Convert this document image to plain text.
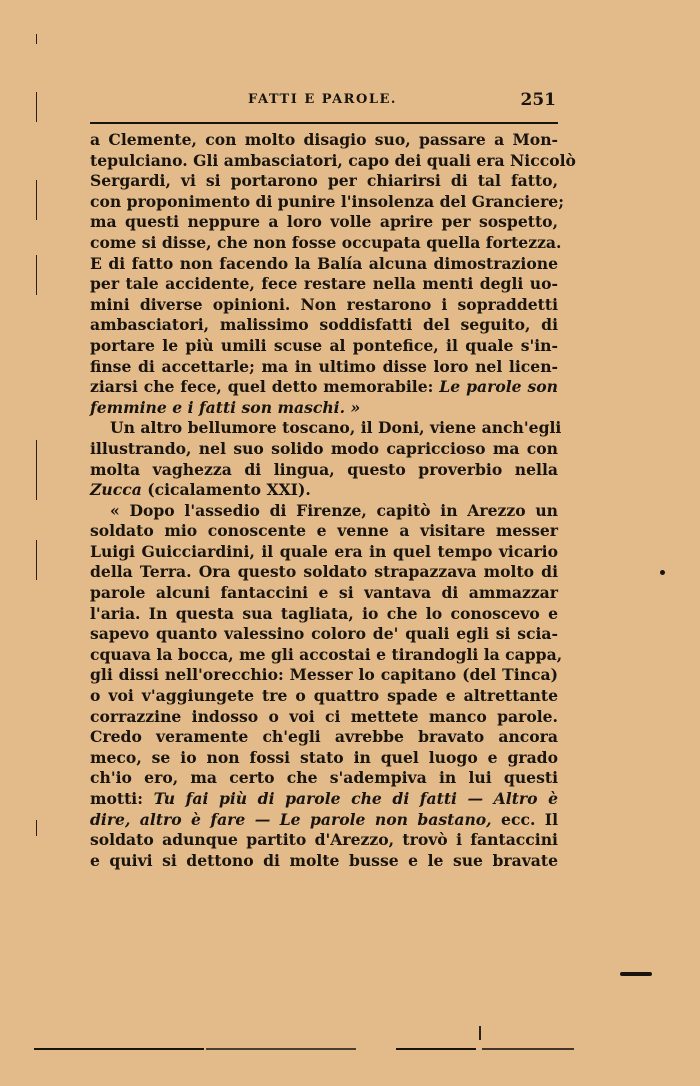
FATTI E PAROLE.	251
a Clemente, con molto disagio suo, passare a Mon-
tepulciano. Gli ambasciatori, capo dei quali era Niccolò
Sergardi, vi si portarono per chiarirsi di tal fatto,
con proponimento di punire l'insolenza del Granciere;
ma questi neppure a loro volle aprire per sospetto,
come si disse, che non fosse occupata quella fortezza.
E di fatto non facendo la Balía alcuna dimostrazione
per tale accidente, fece restare nella menti degli uo-
mini diverse opinioni. Non restarono i sopraddetti
ambasciatori, malissimo soddisfatti del seguito, di
portare le più umili scuse al pontefice, il quale s'in-
finse di accettarle; ma in ultimo disse loro nel licen-
ziarsi che fece, quel detto memorabile: Le parole son
femmine e i fatti son maschi. »
Un altro bellumore toscano, il Doni, viene anch'egli
illustrando, nel suo solido modo capriccioso ma con
molta vaghezza di lingua, questo proverbio nella
Zucca (cicalamento XXI).
« Dopo l'assedio di Firenze, capitò in Arezzo un
soldato mio conoscente e venne a visitare messer
Luigi Guicciardini, il quale era in quel tempo vicario
della Terra. Ora questo soldato strapazzava molto di
parole alcuni fantaccini e si vantava di ammazzar
l'aria. In questa sua tagliata, io che lo conoscevo e
sapevo quanto valessino coloro de' quali egli si scia-
cquava la bocca, me gli accostai e tirandogli la cappa,
gli dissi nell'orecchio: Messer lo capitano (del Tinca)
o voi v'aggiungete tre o quattro spade e altrettante
corrazzine indosso o voi ci mettete manco parole.
Credo veramente ch'egli avrebbe bravato ancora
meco, se io non fossi stato in quel luogo e grado
ch'io ero, ma certo che s'adempiva in lui questi
motti: Tu fai più di parole che di fatti — Altro è
dire, altro è fare — Le parole non bastano, ecc. Il
soldato adunque partito d'Arezzo, trovò i fantaccini
e quivi si dettono di molte busse e le sue bravate
